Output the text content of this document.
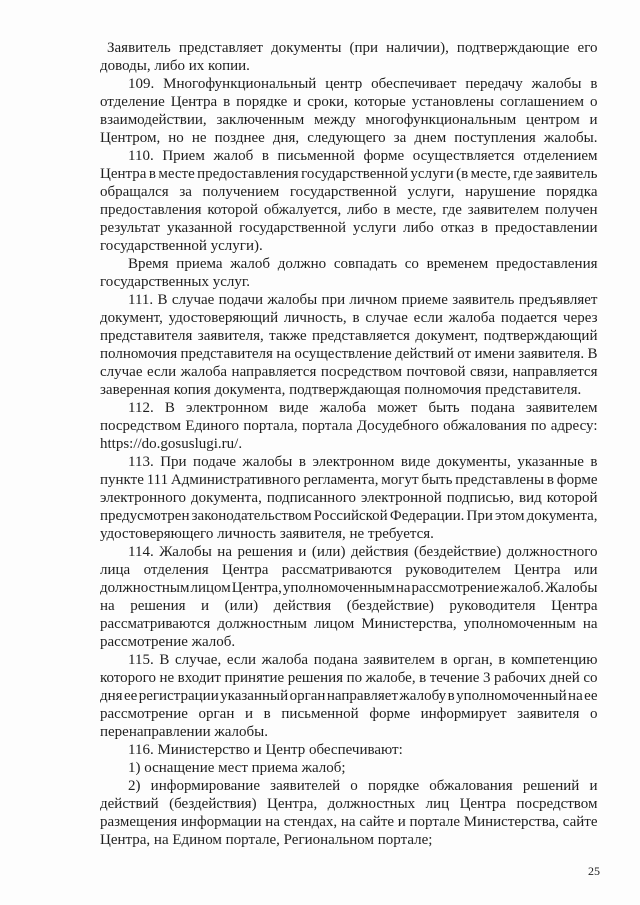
Заявитель представляет документы (при наличии), подтверждающие его
доводы, либо их копии.
109. Многофункциональный центр обеспечивает передачу жалобы в
отделение Центра в порядке и сроки, которые установлены соглашением о
взаимодействии, заключенным между многофункциональным центром и
Центром, но не позднее дня, следующего за днем поступления жалобы.
110. Прием жалоб в письменной форме осуществляется отделением
Центра в месте предоставления государственной услуги (в месте, где заявитель
обращался за получением государственной услуги, нарушение порядка
предоставления которой обжалуется, либо в месте, где заявителем получен
результат указанной государственной услуги либо отказ в предоставлении
государственной услуги).
Время приема жалоб должно совпадать со временем предоставления
государственных услуг.
111. В случае подачи жалобы при личном приеме заявитель предъявляет
документ, удостоверяющий личность, в случае если жалоба подается через
представителя заявителя, также представляется документ, подтверждающий
полномочия представителя на осуществление действий от имени заявителя. В
случае если жалоба направляется посредством почтовой связи, направляется
заверенная копия документа, подтверждающая полномочия представителя.
112. В электронном виде жалоба может быть подана заявителем
посредством Единого портала, портала Досудебного обжалования по адресу:
https://do.gosuslugi.ru/.
113. При подаче жалобы в электронном виде документы, указанные в
пункте 111 Административного регламента, могут быть представлены в форме
электронного документа, подписанного электронной подписью, вид которой
предусмотрен законодательством Российской Федерации. При этом документа,
удостоверяющего личность заявителя, не требуется.
114. Жалобы на решения и (или) действия (бездействие) должностного
лица отделения Центра рассматриваются руководителем Центра или
должностным лицом Центра, уполномоченным на рассмотрение жалоб. Жалобы
на решения и (или) действия (бездействие) руководителя Центра
рассматриваются должностным лицом Министерства, уполномоченным на
рассмотрение жалоб.
115. В случае, если жалоба подана заявителем в орган, в компетенцию
которого не входит принятие решения по жалобе, в течение 3 рабочих дней со
дня ее регистрации указанный орган направляет жалобу в уполномоченный на ее
рассмотрение орган и в письменной форме информирует заявителя о
перенаправлении жалобы.
116. Министерство и Центр обеспечивают:
1) оснащение мест приема жалоб;
2) информирование заявителей о порядке обжалования решений и
действий (бездействия) Центра, должностных лиц Центра посредством
размещения информации на стендах, на сайте и портале Министерства, сайте
Центра, на Едином портале, Региональном портале;
25
